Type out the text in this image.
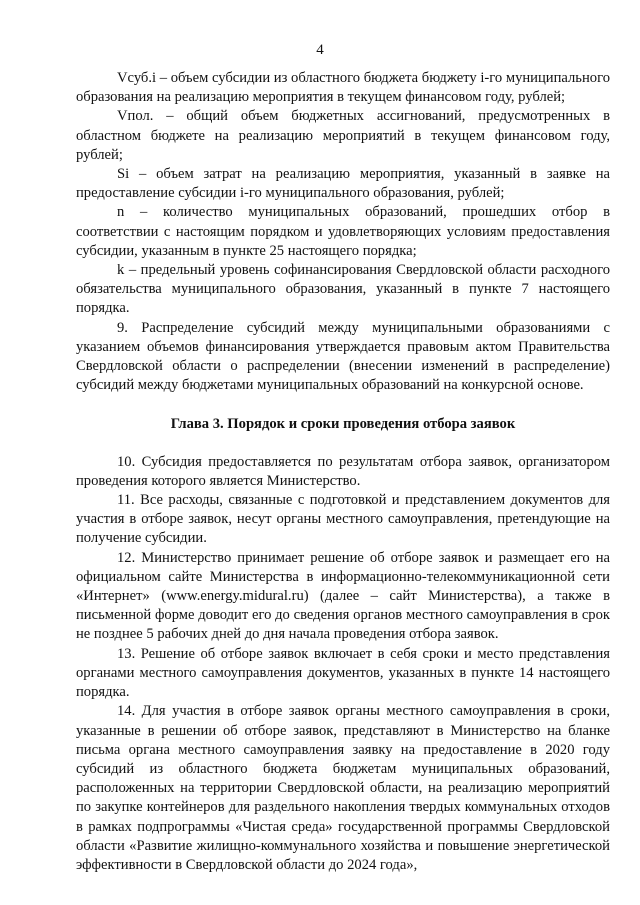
4

Vсуб.i – объем субсидии из областного бюджета бюджету i-го муниципального образования на реализацию мероприятия в текущем финансовом году, рублей;

Vпол. – общий объем бюджетных ассигнований, предусмотренных в областном бюджете на реализацию мероприятий в текущем финансовом году, рублей;

Si – объем затрат на реализацию мероприятия, указанный в заявке на предоставление субсидии i-го муниципального образования, рублей;

n – количество муниципальных образований, прошедших отбор в соответствии с настоящим порядком и удовлетворяющих условиям предоставления субсидии, указанным в пункте 25 настоящего порядка;

k – предельный уровень софинансирования Свердловской области расходного обязательства муниципального образования, указанный в пункте 7 настоящего порядка.

9. Распределение субсидий между муниципальными образованиями с указанием объемов финансирования утверждается правовым актом Правительства Свердловской области о распределении (внесении изменений в распределение) субсидий между бюджетами муниципальных образований на конкурсной основе.

Глава 3. Порядок и сроки проведения отбора заявок

10. Субсидия предоставляется по результатам отбора заявок, организатором проведения которого является Министерство.

11. Все расходы, связанные с подготовкой и представлением документов для участия в отборе заявок, несут органы местного самоуправления, претендующие на получение субсидии.

12. Министерство принимает решение об отборе заявок и размещает его на официальном сайте Министерства в информационно-телекоммуникационной сети «Интернет» (www.energy.midural.ru) (далее – сайт Министерства), а также в письменной форме доводит его до сведения органов местного самоуправления в срок не позднее 5 рабочих дней до дня начала проведения отбора заявок.

13. Решение об отборе заявок включает в себя сроки и место представления органами местного самоуправления документов, указанных в пункте 14 настоящего порядка.

14. Для участия в отборе заявок органы местного самоуправления в сроки, указанные в решении об отборе заявок, представляют в Министерство на бланке письма органа местного самоуправления заявку на предоставление в 2020 году субсидий из областного бюджета бюджетам муниципальных образований, расположенных на территории Свердловской области, на реализацию мероприятий по закупке контейнеров для раздельного накопления твердых коммунальных отходов в рамках подпрограммы «Чистая среда» государственной программы Свердловской области «Развитие жилищно-коммунального хозяйства и повышение энергетической эффективности в Свердловской области до 2024 года»,
